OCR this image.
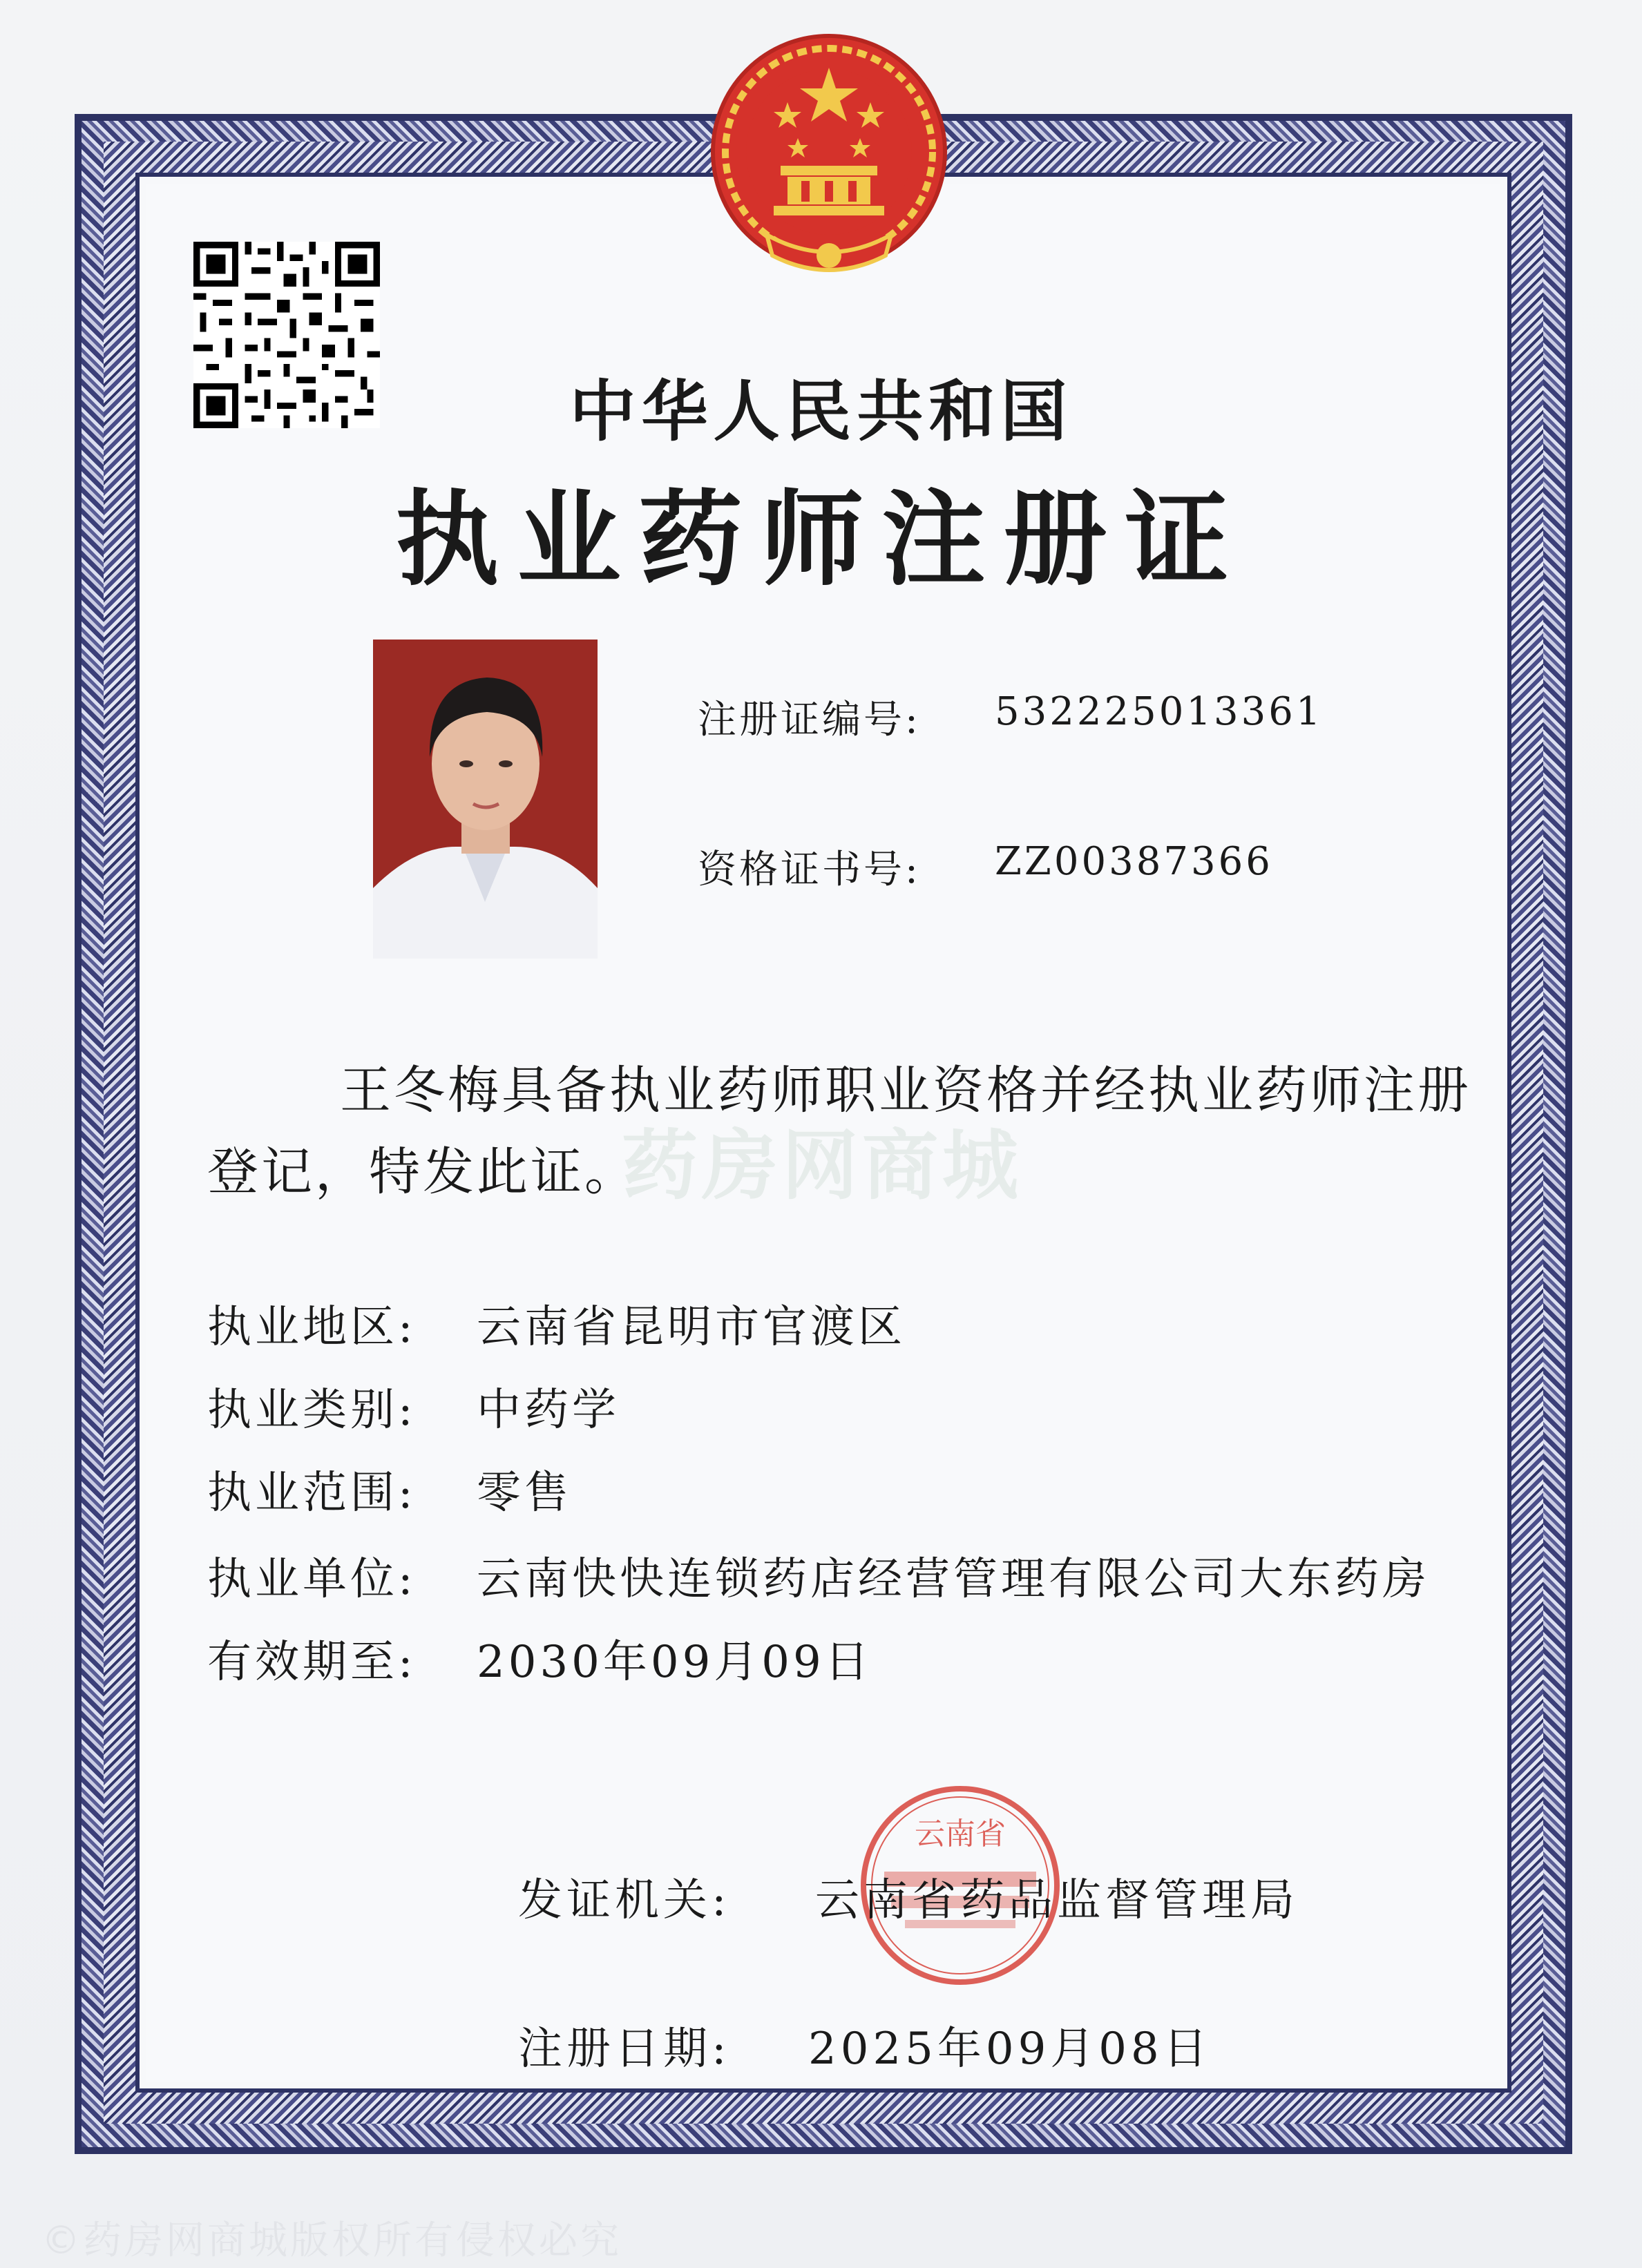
中华人民共和国
执业药师注册证
注册证编号: 532225013361
资格证书号: ZZ00387366
药房网商城
王冬梅具备执业药师职业资格并经执业药师注册登记，特发此证。
执业地区: 云南省昆明市官渡区
执业类别: 中药学
执业范围: 零售
执业单位: 云南快快连锁药店经营管理有限公司大东药房
有效期至: 2030年09月09日
云南省
发证机关: 云南省药品监督管理局
注册日期: 2025年09月08日
©药房网商城版权所有侵权必究
